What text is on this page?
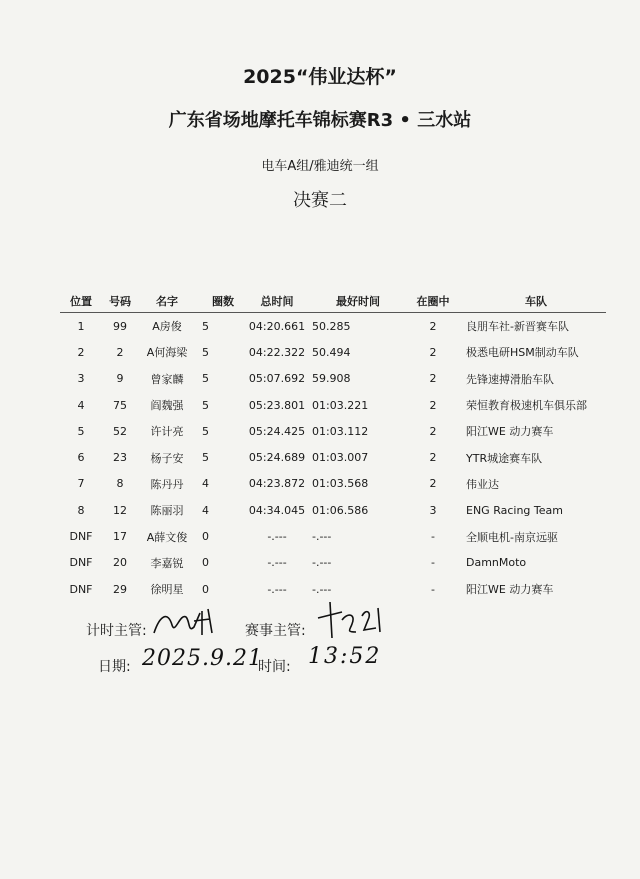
2025“伟业达杯”
广东省场地摩托车锦标赛R3 • 三水站
电车A组/雅迪统一组
决赛二
位置	号码	名字	圈数	总时间	最好时间	在圈中	车队
1	99	A房俊	5	04:20.661	50.285	2	良朋车社-新晋赛车队
2	2	A何海梁	5	04:22.322	50.494	2	极悉电研HSM制动车队
3	9	曾家麟	5	05:07.692	59.908	2	先锋速搏滑胎车队
4	75	阎魏强	5	05:23.801	01:03.221	2	荣恒教育极速机车俱乐部
5	52	许计亮	5	05:24.425	01:03.112	2	阳江WE 动力赛车
6	23	杨子安	5	05:24.689	01:03.007	2	YTR城途赛车队
7	8	陈丹丹	4	04:23.872	01:03.568	2	伟业达
8	12	陈丽羽	4	04:34.045	01:06.586	3	ENG Racing Team
DNF	17	A薛文俊	0	-.---	-.---	-	全顺电机-南京远驱
DNF	20	李嘉锐	0	-.---	-.---	-	DamnMoto
DNF	29	徐明星	0	-.---	-.---	-	阳江WE 动力赛车
计时主管:	赛事主管:
日期: 2025.9.21
时间: 13:52
